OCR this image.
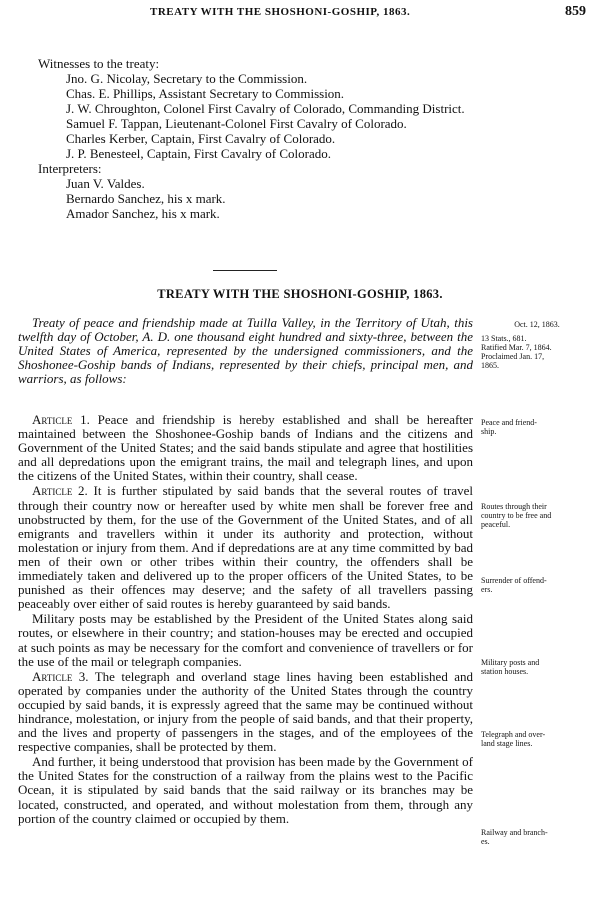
TREATY WITH THE SHOSHONI-GOSHIP, 1863.	859

Witnesses to the treaty:

Jno. G. Nicolay, Secretary to the Commission.

Chas. E. Phillips, Assistant Secretary to Commission.

J. W. Chroughton, Colonel First Cavalry of Colorado, Commanding District.

Samuel F. Tappan, Lieutenant-Colonel First Cavalry of Colorado.

Charles Kerber, Captain, First Cavalry of Colorado.

J. P. Benesteel, Captain, First Cavalry of Colorado.

Interpreters:

Juan V. Valdes.

Bernardo Sanchez, his x mark.

Amador Sanchez, his x mark.

TREATY WITH THE SHOSHONI-GOSHIP, 1863.

Treaty of peace and friendship made at Tuilla Valley, in the Territory of Utah, this twelfth day of October, A. D. one thousand eight hundred and sixty-three, between the United States of America, represented by the undersigned commissioners, and the Shoshonee-Goship bands of Indians, represented by their chiefs, principal men, and warriors, as follows:

Article 1. Peace and friendship is hereby established and shall be hereafter maintained between the Shoshonee-Goship bands of Indians and the citizens and Government of the United States; and the said bands stipulate and agree that hostilities and all depredations upon the emigrant trains, the mail and telegraph lines, and upon the citizens of the United States, within their country, shall cease.

Article 2. It is further stipulated by said bands that the several routes of travel through their country now or hereafter used by white men shall be forever free and unobstructed by them, for the use of the Government of the United States, and of all emigrants and travellers within it under its authority and protection, without molestation or injury from them. And if depredations are at any time committed by bad men of their own or other tribes within their country, the offenders shall be immediately taken and delivered up to the proper officers of the United States, to be punished as their offences may deserve; and the safety of all travellers passing peaceably over either of said routes is hereby guaranteed by said bands.

Military posts may be established by the President of the United States along said routes, or elsewhere in their country; and station-houses may be erected and occupied at such points as may be necessary for the comfort and convenience of travellers or for the use of the mail or telegraph companies.

Article 3. The telegraph and overland stage lines having been established and operated by companies under the authority of the United States through the country occupied by said bands, it is expressly agreed that the same may be continued without hindrance, molestation, or injury from the people of said bands, and that their property, and the lives and property of passengers in the stages, and of the employees of the respective companies, shall be protected by them.

And further, it being understood that provision has been made by the Government of the United States for the construction of a railway from the plains west to the Pacific Ocean, it is stipulated by said bands that the said railway or its branches may be located, constructed, and operated, and without molestation from them, through any portion of the country claimed or occupied by them.

Oct. 12, 1863.
13 Stats., 681.
Ratified Mar. 7, 1864.
Proclaimed Jan. 17,
1865.
Peace and friend-
ship.
Routes through their
country to be free and
peaceful.
Surrender of offend-
ers.
Military posts and
station houses.
Telegraph and over-
land stage lines.
Railway and branch-
es.
